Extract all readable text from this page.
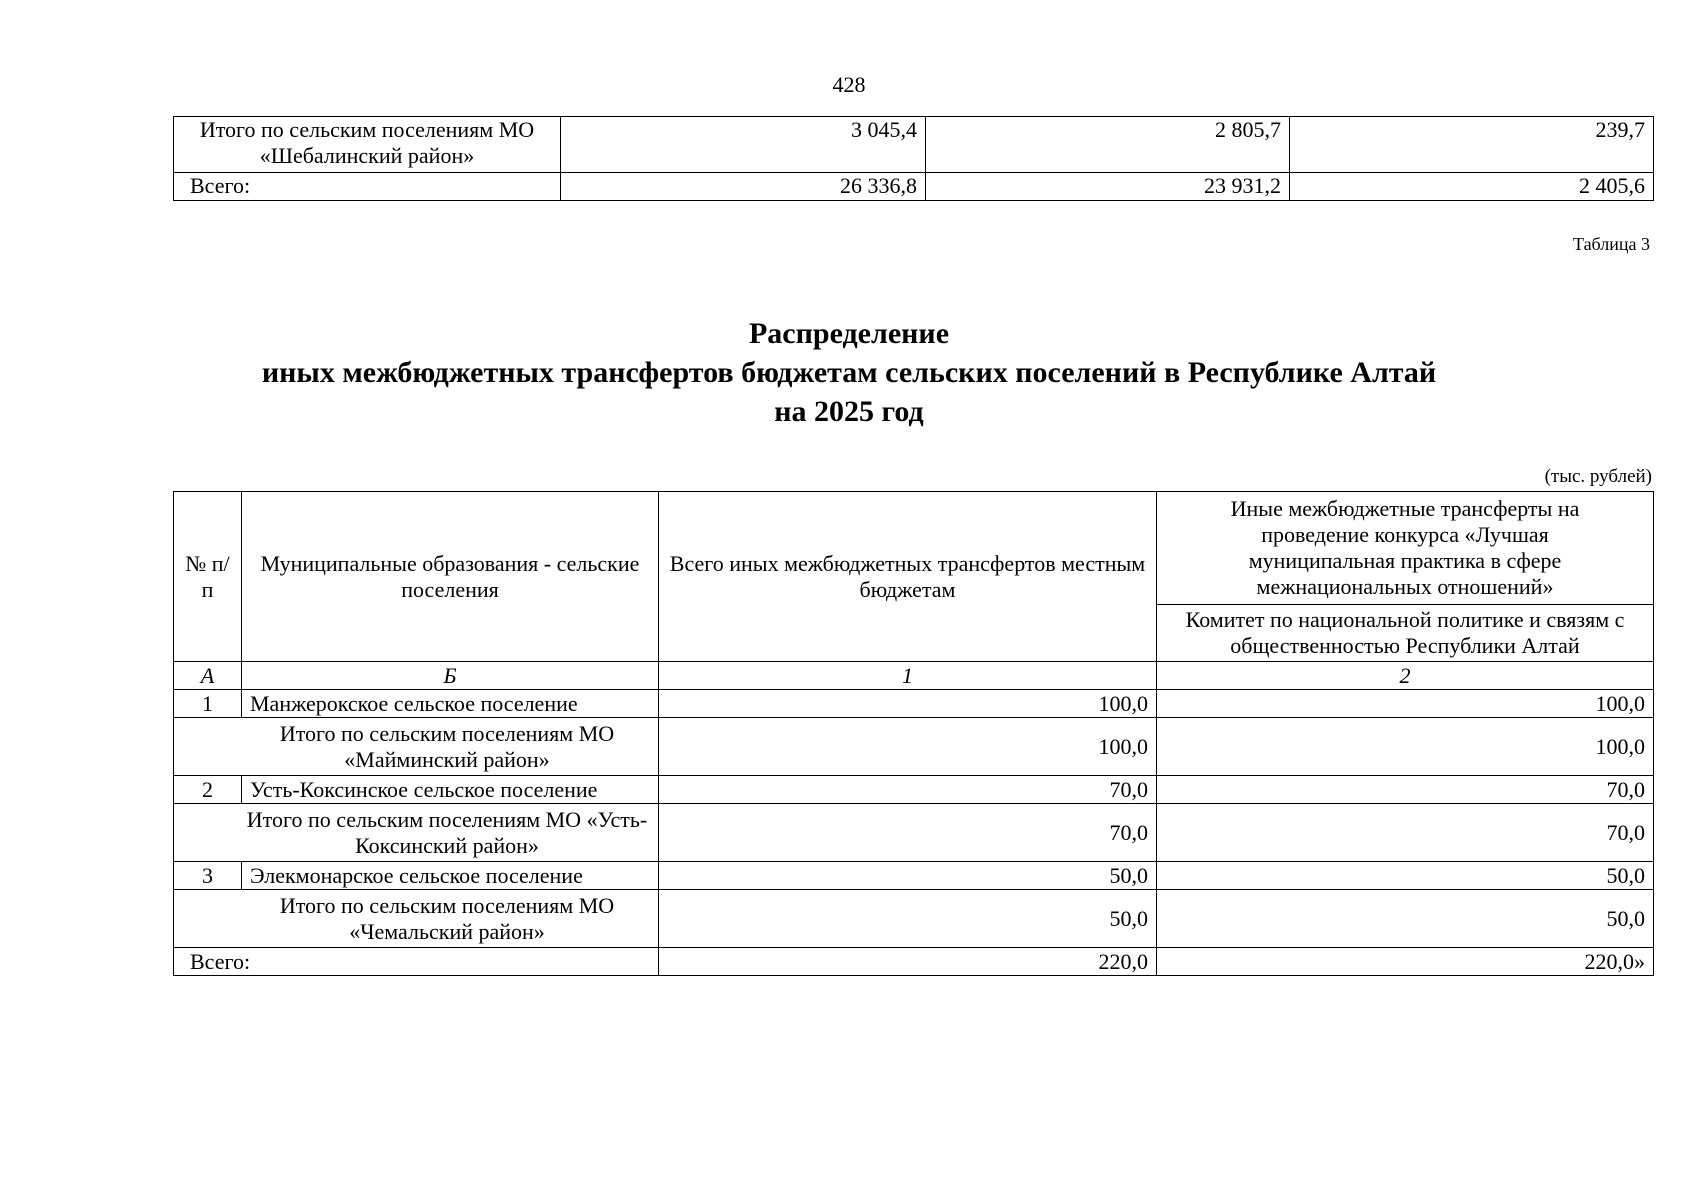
428
Итого по сельским поселениям МО «Шебалинский район»	3 045,4	2 805,7	239,7
Всего:	26 336,8	23 931,2	2 405,6
Таблица 3
Распределение
иных межбюджетных трансфертов бюджетам сельских поселений в Республике Алтай
на 2025 год
(тыс. рублей)
№ п/п	Муниципальные образования - сельские поселения	Всего иных межбюджетных трансфертов местным бюджетам	Иные межбюджетные трансферты на проведение конкурса «Лучшая муниципальная практика в сфере межнациональных отношений»
			Комитет по национальной политике и связям с общественностью Республики Алтай
А	Б	1	2
1	Манжерокское сельское поселение	100,0	100,0
Итого по сельским поселениям МО «Майминский район»		100,0	100,0
2	Усть-Коксинское сельское поселение	70,0	70,0
Итого по сельским поселениям МО «Усть-Коксинский район»		70,0	70,0
3	Элекмонарское сельское поселение	50,0	50,0
Итого по сельским поселениям МО «Чемальский район»		50,0	50,0
Всего:		220,0	220,0»
